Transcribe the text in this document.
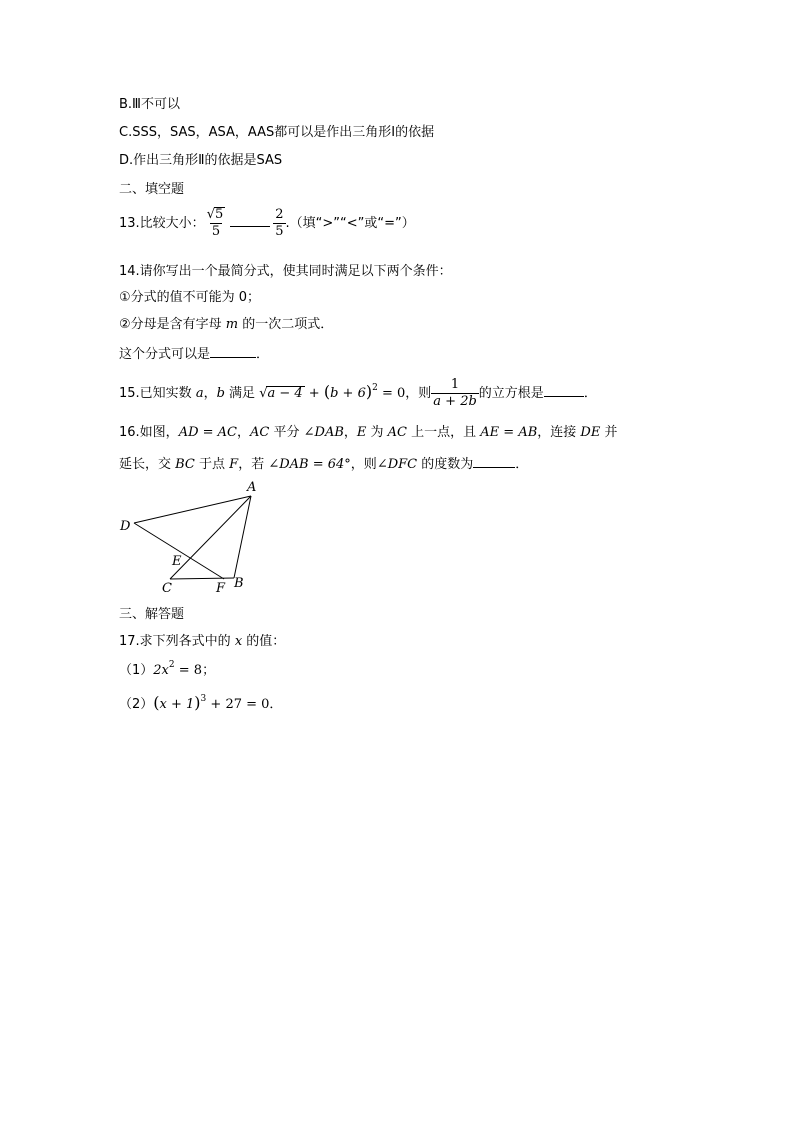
B.Ⅲ不可以
C.SSS，SAS，ASA，AAS都可以是作出三角形Ⅰ的依据
D.作出三角形Ⅱ的依据是SAS
二、填空题
13.比较大小： $\frac{√5}{5}$	$\frac{2}{5}$ .（填“>”“<”或“=”）
14.请你写出一个最简分式，使其同时满足以下两个条件：
①分式的值不可能为 0；
②分母是含有字母 m 的一次二项式．
这个分式可以是	．
15.已知实数 a，b 满足 $√a - 4 + (b + 6)^2 = 0$，则 $\frac{1}{a + 2b}$ 的立方根是	．
16.如图，AD = AC，AC 平分 ∠DAB，E 为 AC 上一点，且 AE = AB，连接 DE 并
延长，交 BC 于点 F，若 ∠DAB = 64°，则∠DFC 的度数为	．
A
B
C
D
E
F
三、解答题
17.求下列各式中的 x 的值：
$(1)2x^2 = 8$；
$(2)(x + 1)^3 + 27 = 0$．
